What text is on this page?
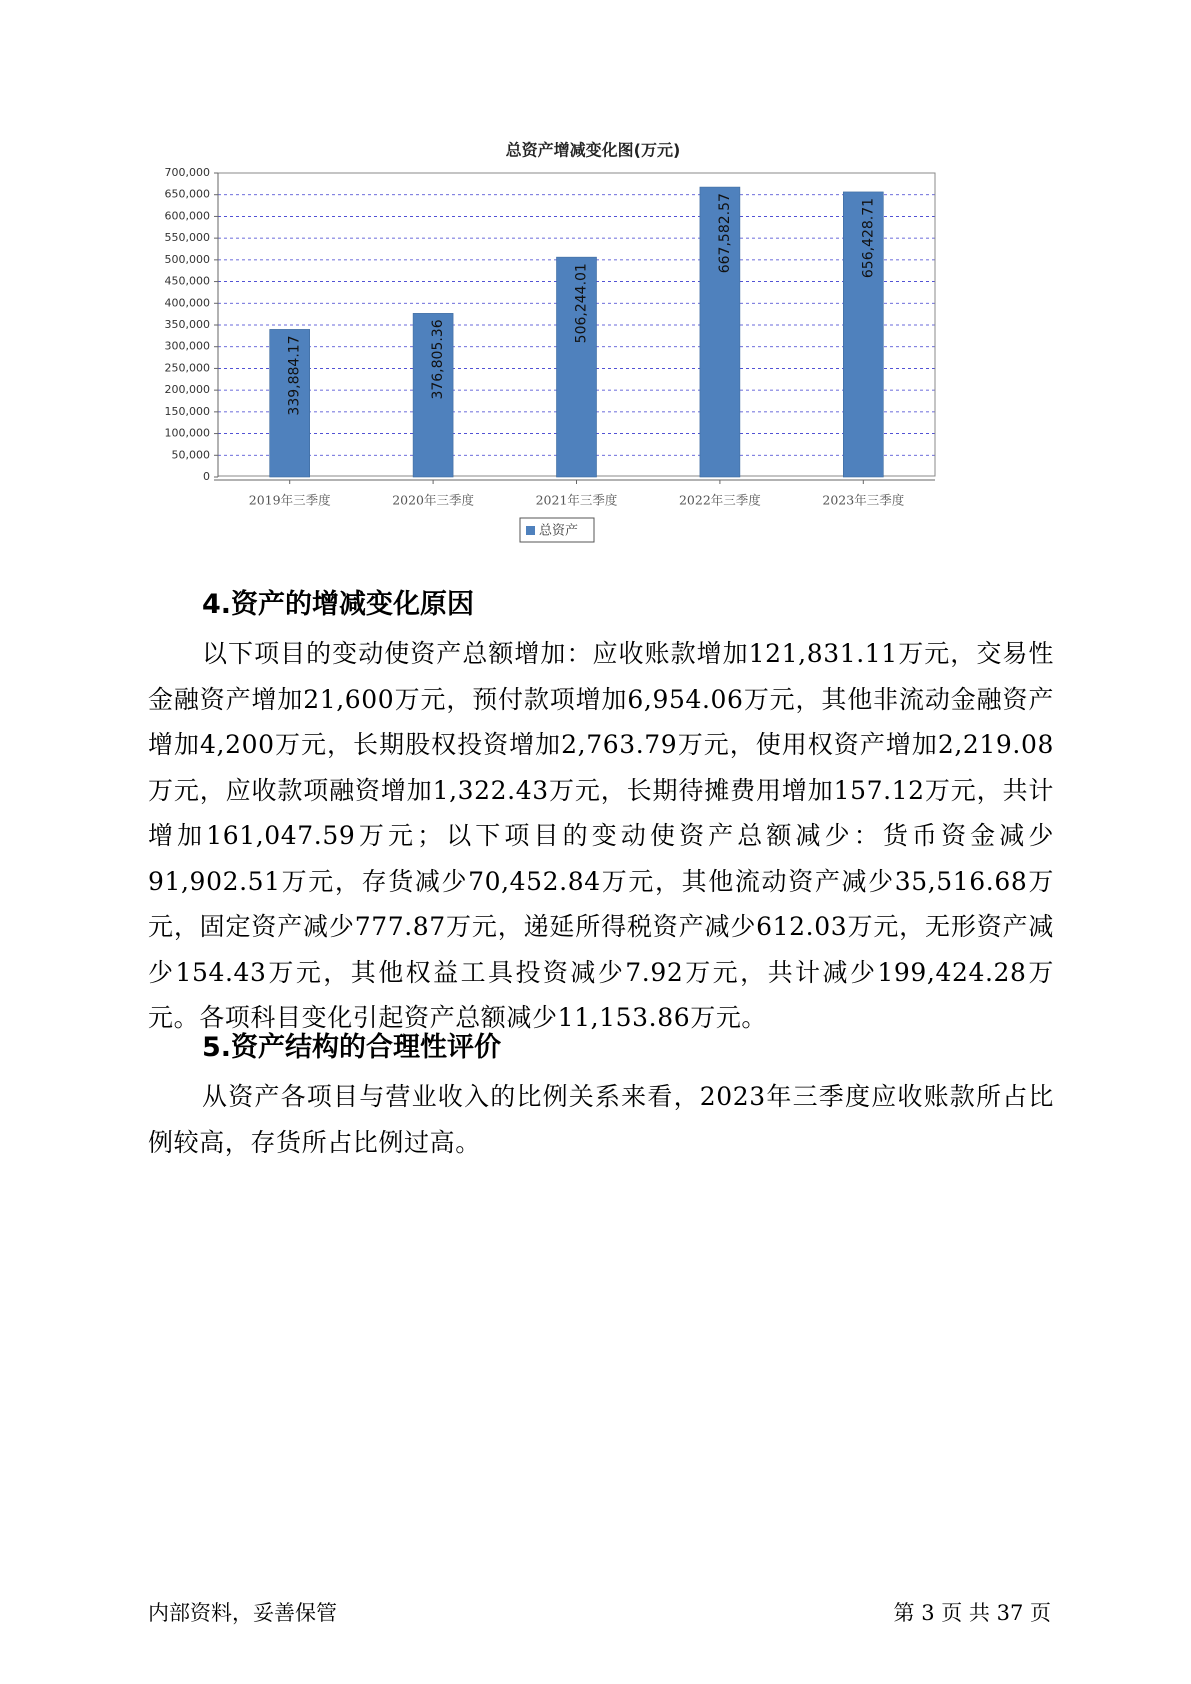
总资产增减变化图(万元)
0
50,000
100,000
150,000
200,000
250,000
300,000
350,000
400,000
450,000
500,000
550,000
600,000
650,000
700,000
339,884.17	376,805.36
506,244.01
667,582.57	656,428.71
2019年三季度	2020年三季度	2021年三季度	2022年三季度	2023年三季度
总资产
4.资产的增减变化原因

以下项目的变动使资产总额增加：应收账款增加121,831.11万元，交易性金融资产增加21,600万元，预付款项增加6,954.06万元，其他非流动金融资产增加4,200万元，长期股权投资增加2,763.79万元，使用权资产增加2,219.08万元，应收款项融资增加1,322.43万元，长期待摊费用增加157.12万元，共计增加161,047.59万元；以下项目的变动使资产总额减少：货币资金减少91,902.51万元，存货减少70,452.84万元，其他流动资产减少35,516.68万元，固定资产减少777.87万元，递延所得税资产减少612.03万元，无形资产减少154.43万元，其他权益工具投资减少7.92万元，共计减少199,424.28万元。各项科目变化引起资产总额减少11,153.86万元。

5.资产结构的合理性评价

从资产各项目与营业收入的比例关系来看，2023年三季度应收账款所占比例较高，存货所占比例过高。

内部资料，妥善保管	第 3 页 共 37 页
